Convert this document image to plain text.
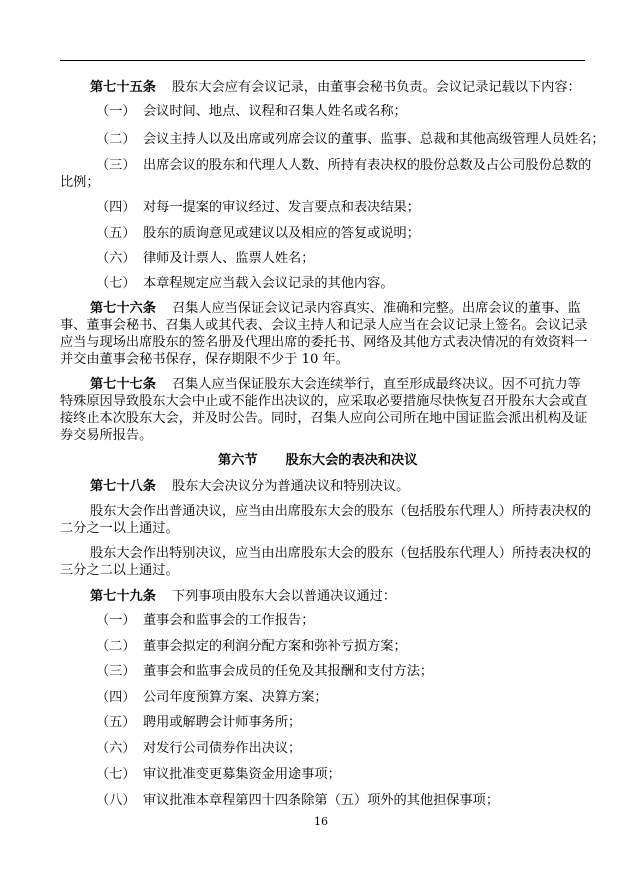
第七十五条 股东大会应有会议记录，由董事会秘书负责。会议记录记载以下内容：
（一） 会议时间、地点、议程和召集人姓名或名称；
（二） 会议主持人以及出席或列席会议的董事、监事、总裁和其他高级管理人员姓名；
（三） 出席会议的股东和代理人人数、所持有表决权的股份总数及占公司股份总数的
比例；
（四） 对每一提案的审议经过、发言要点和表决结果；
（五） 股东的质询意见或建议以及相应的答复或说明；
（六） 律师及计票人、监票人姓名；
（七） 本章程规定应当载入会议记录的其他内容。
第七十六条 召集人应当保证会议记录内容真实、准确和完整。出席会议的董事、监
事、董事会秘书、召集人或其代表、会议主持人和记录人应当在会议记录上签名。会议记录
应当与现场出席股东的签名册及代理出席的委托书、网络及其他方式表决情况的有效资料一
并交由董事会秘书保存，保存期限不少于 10 年。
第七十七条 召集人应当保证股东大会连续举行，直至形成最终决议。因不可抗力等
特殊原因导致股东大会中止或不能作出决议的，应采取必要措施尽快恢复召开股东大会或直
接终止本次股东大会，并及时公告。同时，召集人应向公司所在地中国证监会派出机构及证
券交易所报告。
第六节 股东大会的表决和决议
第七十八条 股东大会决议分为普通决议和特别决议。
股东大会作出普通决议，应当由出席股东大会的股东（包括股东代理人）所持表决权的
二分之一以上通过。
股东大会作出特别决议，应当由出席股东大会的股东（包括股东代理人）所持表决权的
三分之二以上通过。
第七十九条 下列事项由股东大会以普通决议通过：
（一） 董事会和监事会的工作报告；
（二） 董事会拟定的利润分配方案和弥补亏损方案；
（三） 董事会和监事会成员的任免及其报酬和支付方法；
（四） 公司年度预算方案、决算方案；
（五） 聘用或解聘会计师事务所；
（六） 对发行公司债券作出决议；
（七） 审议批准变更募集资金用途事项；
（八） 审议批准本章程第四十四条除第（五）项外的其他担保事项；
16
